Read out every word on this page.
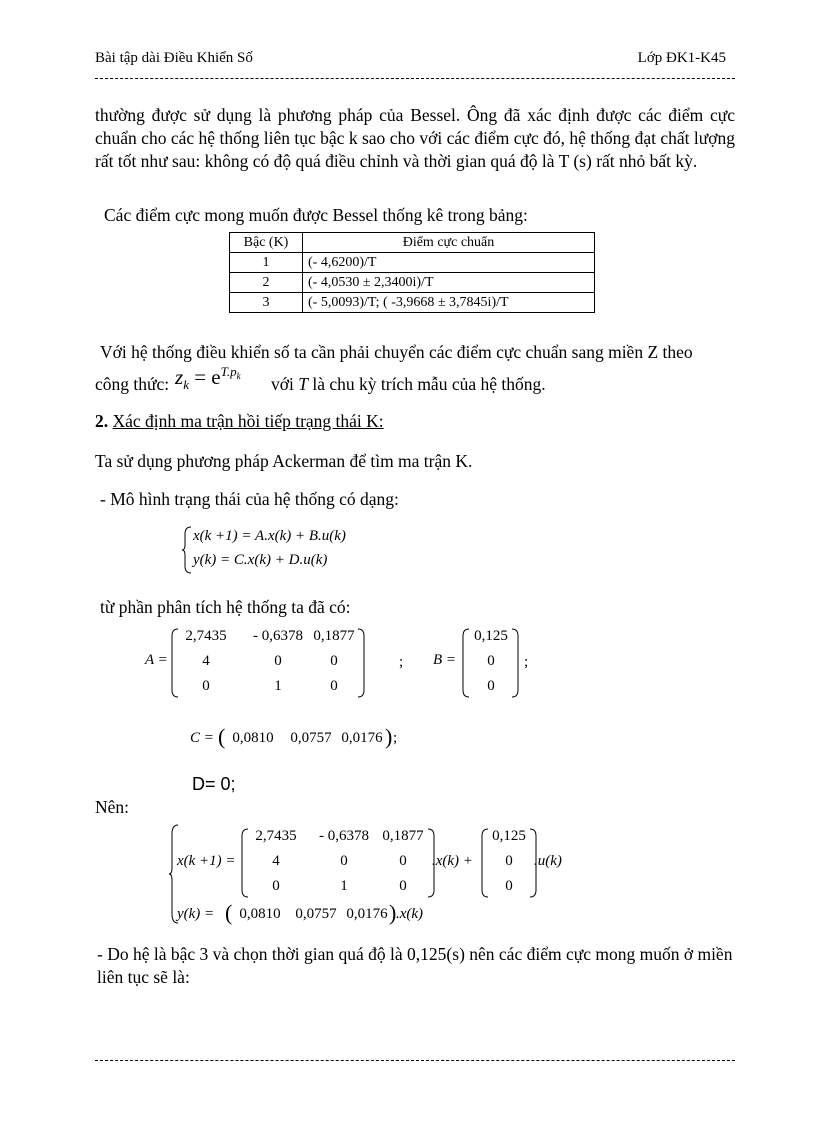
Bài tập dài Điều Khiển Số	Lớp ĐK1-K45
thường được sử dụng là phương pháp của Bessel. Ông đã xác định được các điểm cực chuẩn cho các hệ thống liên tục bậc k sao cho với các điểm cực đó, hệ thống đạt chất lượng rất tốt như sau: không có độ quá điều chỉnh và thời gian quá độ là T (s) rất nhỏ bất kỳ.
Các điểm cực mong muốn được Bessel thống kê trong bảng:
Bậc (K)	Điểm cực chuẩn
1	(- 4,6200)/T
2	(- 4,0530 ± 2,3400i)/T
3	(- 5,0093)/T; ( -3,9668 ± 3,7845i)/T
Với hệ thống điều khiển số ta cần phải chuyển các điểm cực chuẩn sang miền Z theo
công thức: $z_k = e^{T.pk}$ với T là chu kỳ trích mẫu của hệ thống.
2. Xác định ma trận hồi tiếp trạng thái K:
Ta sử dụng phương pháp Ackerman để tìm ma trận K.
- Mô hình trạng thái của hệ thống có dạng:
x(k +1) = A.x(k) + B.u(k)
y(k) = C.x(k) + D.u(k)
từ phần phân tích hệ thống ta đã có:
A =
2,7435	- 0,6378 0,1877
4	0	0
0	1	0
; B =
0,125
0
0
;
C = ( 0,0810	0,0757 0,0176 ) ;
D= 0;
Nên:
x(k +1) =
2,7435	- 0,6378 0,1877
4	0	0
0	1	0
.x(k) +
0,125
0
0
.u(k)
y(k) = ( 0,0810 0,0757 0,0176 ) .x(k)
- Do hệ là bậc 3 và chọn thời gian quá độ là 0,125(s) nên các điểm cực mong muốn ở miền liên tục sẽ là:
